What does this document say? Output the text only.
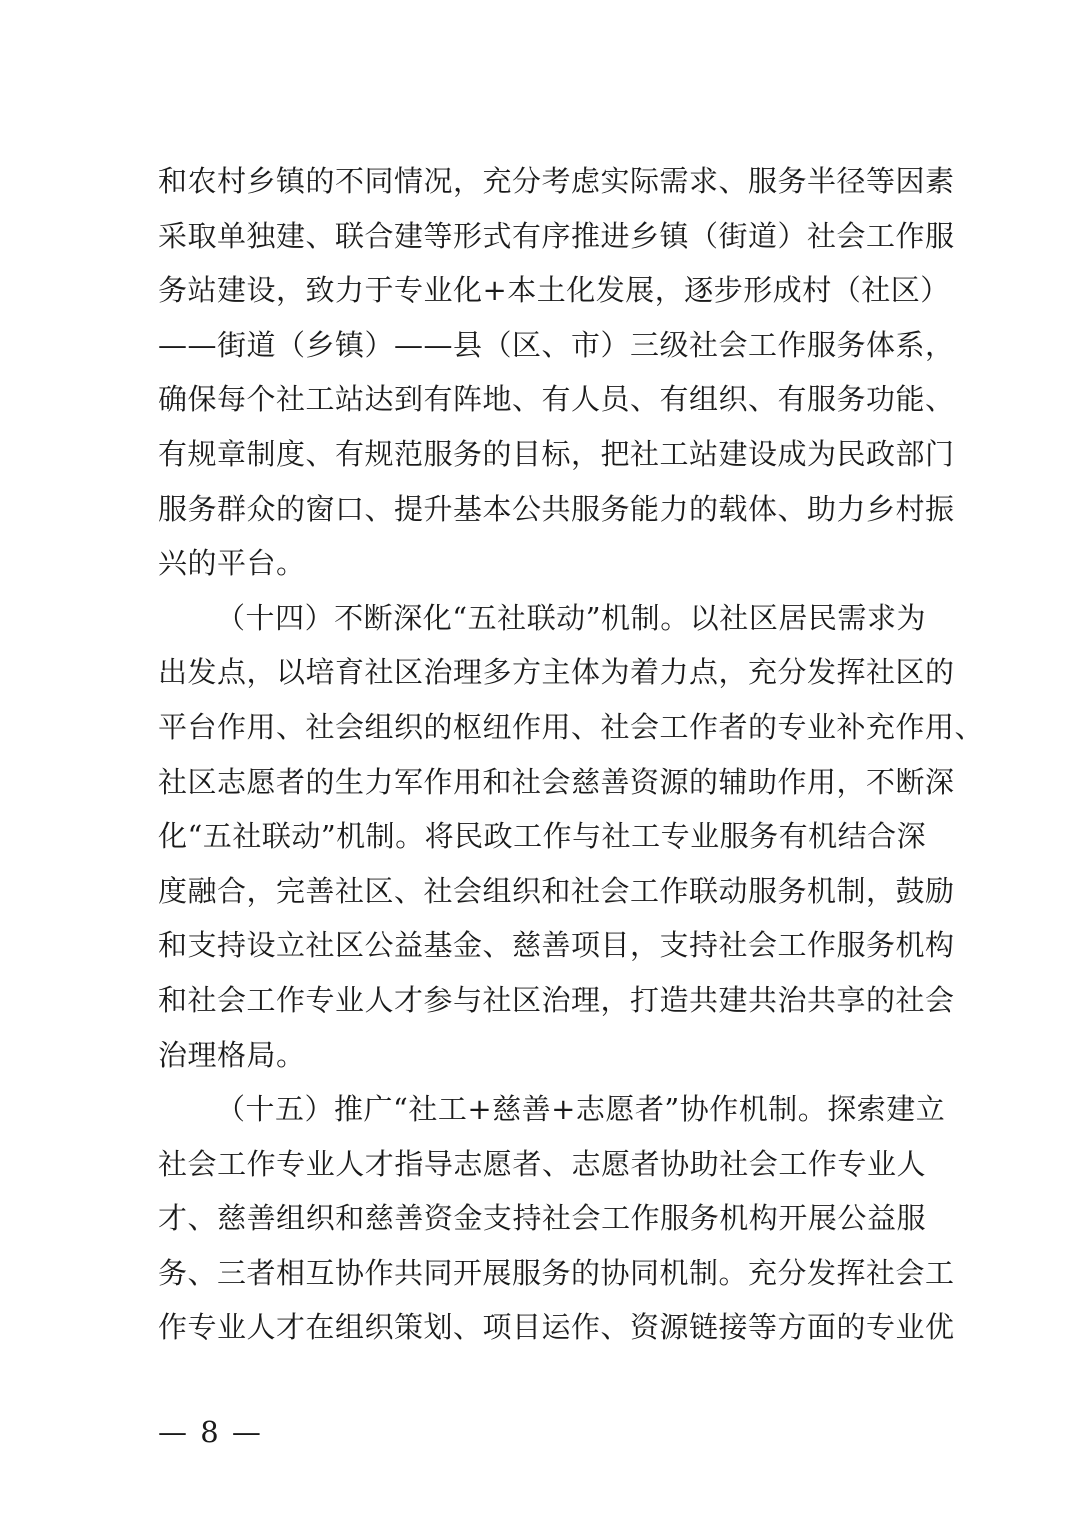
和农村乡镇的不同情况，充分考虑实际需求、服务半径等因素
采取单独建、联合建等形式有序推进乡镇（街道）社会工作服
务站建设，致力于专业化+本土化发展，逐步形成村（社区）
——街道（乡镇）——县（区、市）三级社会工作服务体系，
确保每个社工站达到有阵地、有人员、有组织、有服务功能、
有规章制度、有规范服务的目标，把社工站建设成为民政部门
服务群众的窗口、提升基本公共服务能力的载体、助力乡村振
兴的平台。
（十四）不断深化“五社联动”机制。以社区居民需求为
出发点，以培育社区治理多方主体为着力点，充分发挥社区的
平台作用、社会组织的枢纽作用、社会工作者的专业补充作用、
社区志愿者的生力军作用和社会慈善资源的辅助作用，不断深
化“五社联动”机制。将民政工作与社工专业服务有机结合深
度融合，完善社区、社会组织和社会工作联动服务机制，鼓励
和支持设立社区公益基金、慈善项目，支持社会工作服务机构
和社会工作专业人才参与社区治理，打造共建共治共享的社会
治理格局。
（十五）推广“社工+慈善+志愿者”协作机制。探索建立
社会工作专业人才指导志愿者、志愿者协助社会工作专业人
才、慈善组织和慈善资金支持社会工作服务机构开展公益服
务、三者相互协作共同开展服务的协同机制。充分发挥社会工
作专业人才在组织策划、项目运作、资源链接等方面的专业优
— 8 —
